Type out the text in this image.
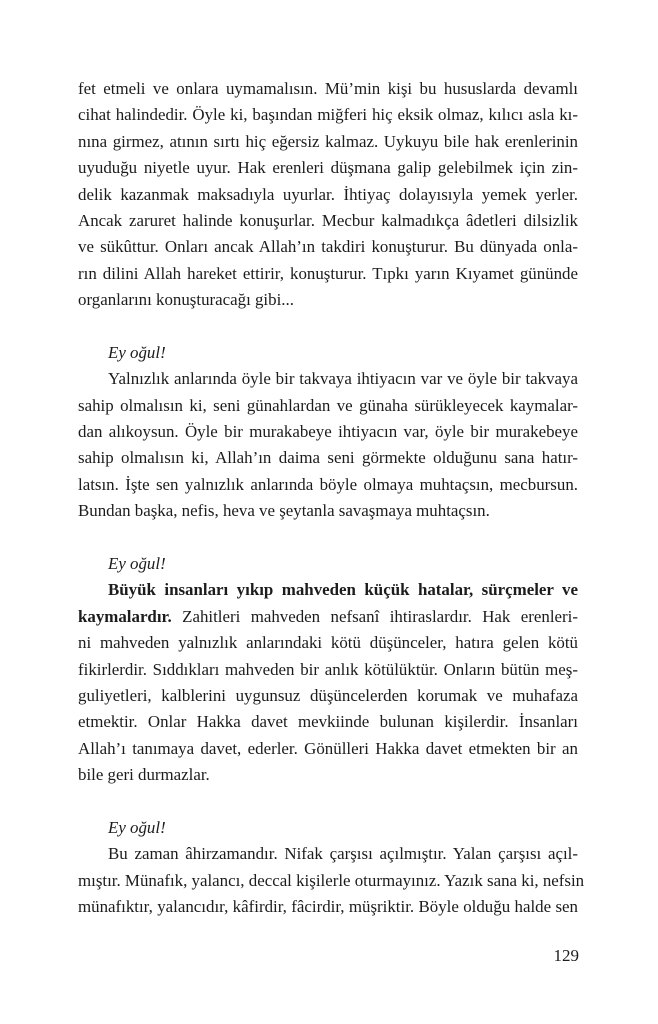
fet etmeli ve onlara uymamalısın. Mü’min kişi bu hususlarda devamlı
cihat halindedir. Öyle ki, başından miğferi hiç eksik olmaz, kılıcı asla kı-
nına girmez, atının sırtı hiç eğersiz kalmaz. Uykuyu bile hak erenlerinin
uyuduğu niyetle uyur. Hak erenleri düşmana galip gelebilmek için zin-
delik kazanmak maksadıyla uyurlar. İhtiyaç dolayısıyla yemek yerler.
Ancak zaruret halinde konuşurlar. Mecbur kalmadıkça âdetleri dilsizlik
ve sükûttur. Onları ancak Allah’ın takdiri konuşturur. Bu dünyada onla-
rın dilini Allah hareket ettirir, konuşturur. Tıpkı yarın Kıyamet gününde
organlarını konuşturacağı gibi...
Ey oğul!
Yalnızlık anlarında öyle bir takvaya ihtiyacın var ve öyle bir takvaya
sahip olmalısın ki, seni günahlardan ve günaha sürükleyecek kaymalar-
dan alıkoysun. Öyle bir murakabeye ihtiyacın var, öyle bir murakebeye
sahip olmalısın ki, Allah’ın daima seni görmekte olduğunu sana hatır-
latsın. İşte sen yalnızlık anlarında böyle olmaya muhtaçsın, mecbursun.
Bundan başka, nefis, heva ve şeytanla savaşmaya muhtaçsın.
Ey oğul!
Büyük insanları yıkıp mahveden küçük hatalar, sürçmeler ve
kaymalardır. Zahitleri mahveden nefsanî ihtiraslardır. Hak erenleri-
ni mahveden yalnızlık anlarındaki kötü düşünceler, hatıra gelen kötü
fikirlerdir. Sıddıkları mahveden bir anlık kötülüktür. Onların bütün meş-
guliyetleri, kalblerini uygunsuz düşüncelerden korumak ve muhafaza
etmektir. Onlar Hakka davet mevkiinde bulunan kişilerdir. İnsanları
Allah’ı tanımaya davet, ederler. Gönülleri Hakka davet etmekten bir an
bile geri durmazlar.
Ey oğul!
Bu zaman âhirzamandır. Nifak çarşısı açılmıştır. Yalan çarşısı açıl-
mıştır. Münafık, yalancı, deccal kişilerle oturmayınız. Yazık sana ki, nefsin
münafıktır, yalancıdır, kâfirdir, fâcirdir, müşriktir. Böyle olduğu halde sen
129
